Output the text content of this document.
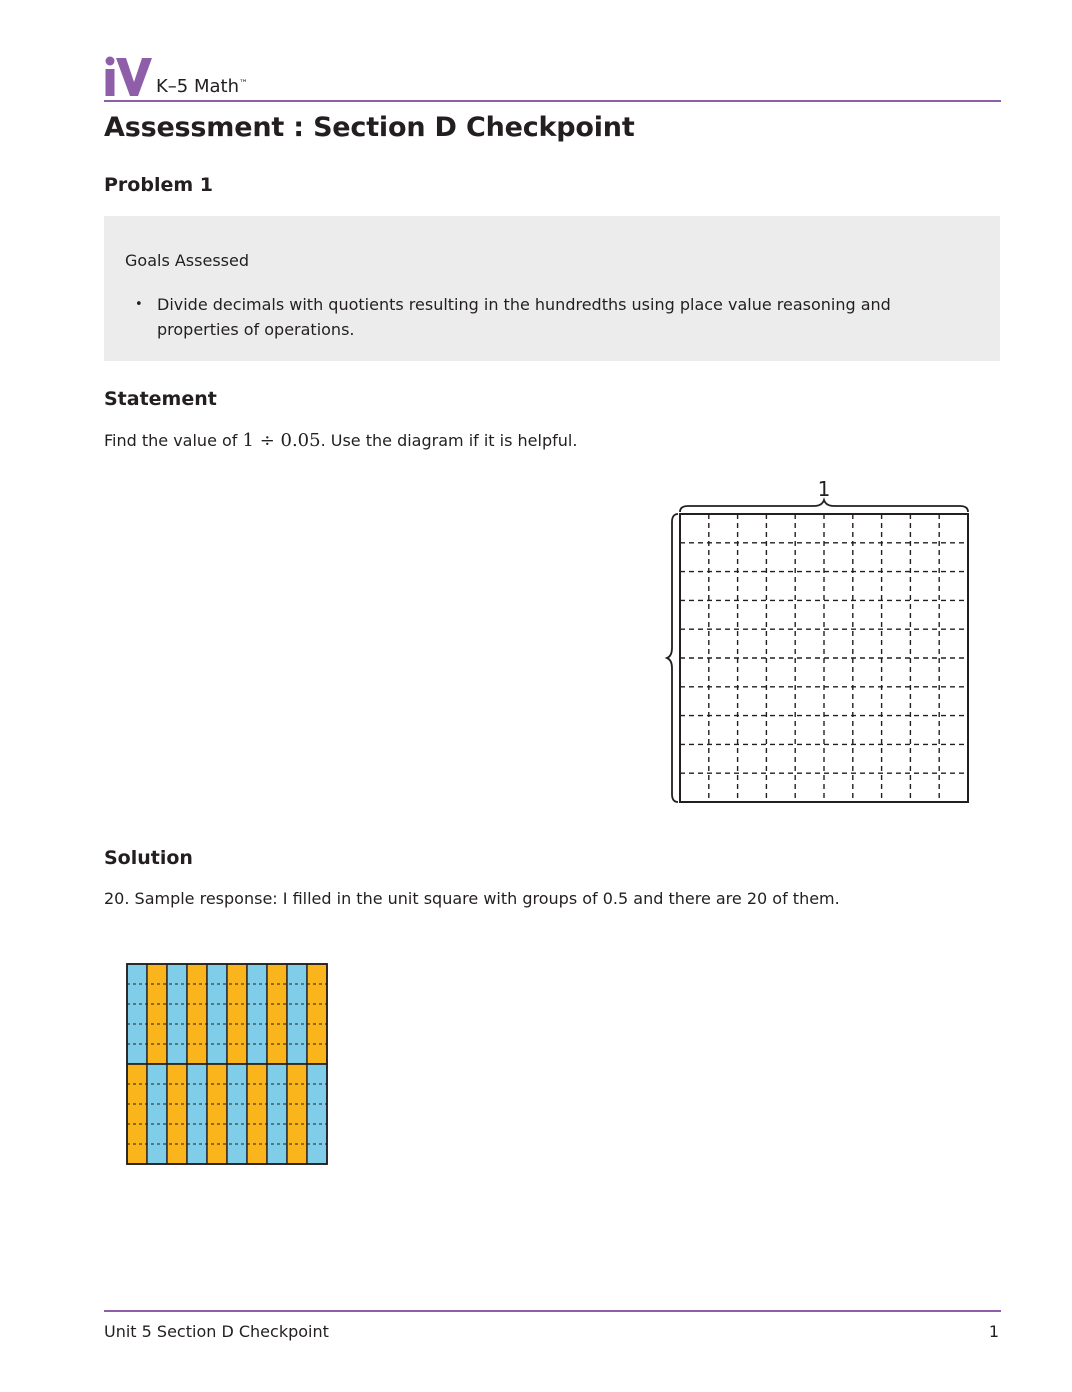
K–5 Math™
Assessment : Section D Checkpoint
Problem 1
Goals Assessed
• Divide decimals with quotients resulting in the hundredths using place value reasoning and properties of operations.
Statement

Find the value of 1 ÷ 0.05. Use the diagram if it is helpful.

1
Solution

20. Sample response: I filled in the unit square with groups of 0.5 and there are 20 of them.

Unit 5 Section D Checkpoint	1
